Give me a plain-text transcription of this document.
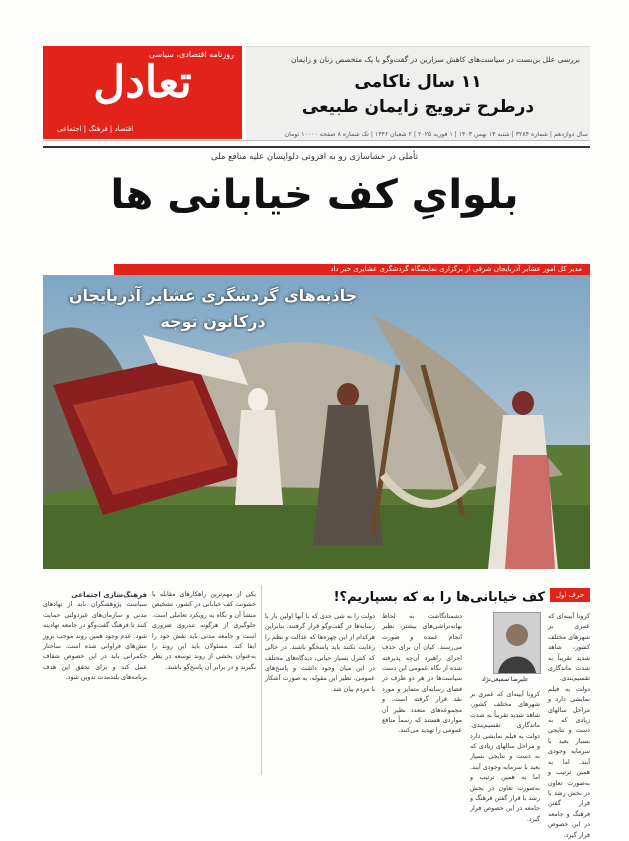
روزنامه اقتصادی، سیاسی
تعادل
اقتصاد | فرهنگ | اجتماعی
بررسی علل بن‌بست در سیاست‌های کاهش سزارین در گفت‌و‌گو با یک متخصص زنان و زایمان
۱۱ سال ناکامی
درطرح ترویج زایمان طبیعی
سال دوازدهم | شماره ۳۲۸۴ | شنبه ۱۳ بهمن ۱۴۰۳ | ۱ فوریه ۲۰۲۵ | ۲ شعبان ۱۴۴۶ | تک شماره ۸ صفحه ۱۰۰۰۰ تومان
تأملی در خشاسازی رو به افزونی دلواپسان علیه منافع ملی
بلوایِ کف خیابانی ها
مدیر کل امور عشایر آذربایجان شرقی از برگزاری نمایشگاه گردشگری عشایری خبر داد
جاذبه‌های گردشگری عشایر آذربایجان
درکانون توجه
حرف اول
کف خیابانی‌ها را به که بسپاریم؟!
علیرضا سمیعی‌نژاد

کرونا آیینه‌ای که عمری بر شهرهای مختلف کشور، شاهد شدید تقریباً به شدت ماندگاری تقسیم‌بندی. دولت به فیلم نمایشی دارد و مراحل سالهای زیادی که به دست و نتایجی بسیار بعید با سرمایه وجودی آیند. اما به همین ترتیب و به‌صورت تعاون در بخش رشد با قرار گفتن فرهنگ و جامعه در این خصوص قرار گیرد.

کرونا آیینه‌ای که عمری بر شهرهای مختلف کشور، شاهد شدید تقریباً به شدت ماندگاری تقسیم‌بندی. دولت به فیلم نمایشی دارد و مراحل سالهای زیادی که به دست و نتایجی بسیار بعید با سرمایه وجودی آیند. اما به همین ترتیب و به‌صورت تعاون در بخش رشد با قرار گفتن فرهنگ و جامعه در این خصوص قرار گیرد.

دشمنانگاشت به لحاظ بهانه‌تراشی‌های بیشتر، نظیر انجام عمده و صورت می‌رسند. کیان آن برای حذف اجرای راهبرد آن‌چه پذیرفته شده از نگاه عمومی این دست سیاست‌ها در هر دو طرف در فضای رسانه‌ای متمایز و مورد نقد قرار گرفته است. و مجموعه‌های متعدد نظیر آن مواردی هستند که رسماً منافع عمومی را تهدید می‌کنند.

دولت را به شی جدی که با آنها اولین بار با رسانه‌ها در گفت‌وگو قرار گرفتند. بنابراین هرکدام از این چهره‌ها که عدالت و نظم را رعایت نکنند باید پاسخگو باشند. در حالی که کنترل بسیار حیاتی، دیدگاه‌های مختلف در این میان وجود داشت و پاسخ‌های عمومی، نظیر این مقوله، به صورت آشکار با مردم بیان شد.

یکی از مهم‌ترین راهکارهای مقابله با خشونت کف خیابانی در کشور، تشخیص منشأ آن و نگاه به رویکرد تعاملی است. جلوگیری از هرگونه تندروی ضروری است و جامعه مدنی باید نقش خود را ایفا کند. مسئولان باید این روند را به‌عنوان بخشی از روند توسعه در نظر بگیرند و در برابر آن پاسخ‌گو باشند.

فرهنگ‌سازی اجتماعی

سیاست پژوهشگران باید از نهادهای مدنی و سازمان‌های غیردولتی حمایت کنند تا فرهنگ گفت‌وگو در جامعه نهادینه شود. عدم وجود همین روند موجب بروز تنش‌های فراوانی شده است. ساختار حکمرانی باید در این خصوص شفاف عمل کند و برای تحقق این هدف برنامه‌های بلندمدت تدوین شود.
